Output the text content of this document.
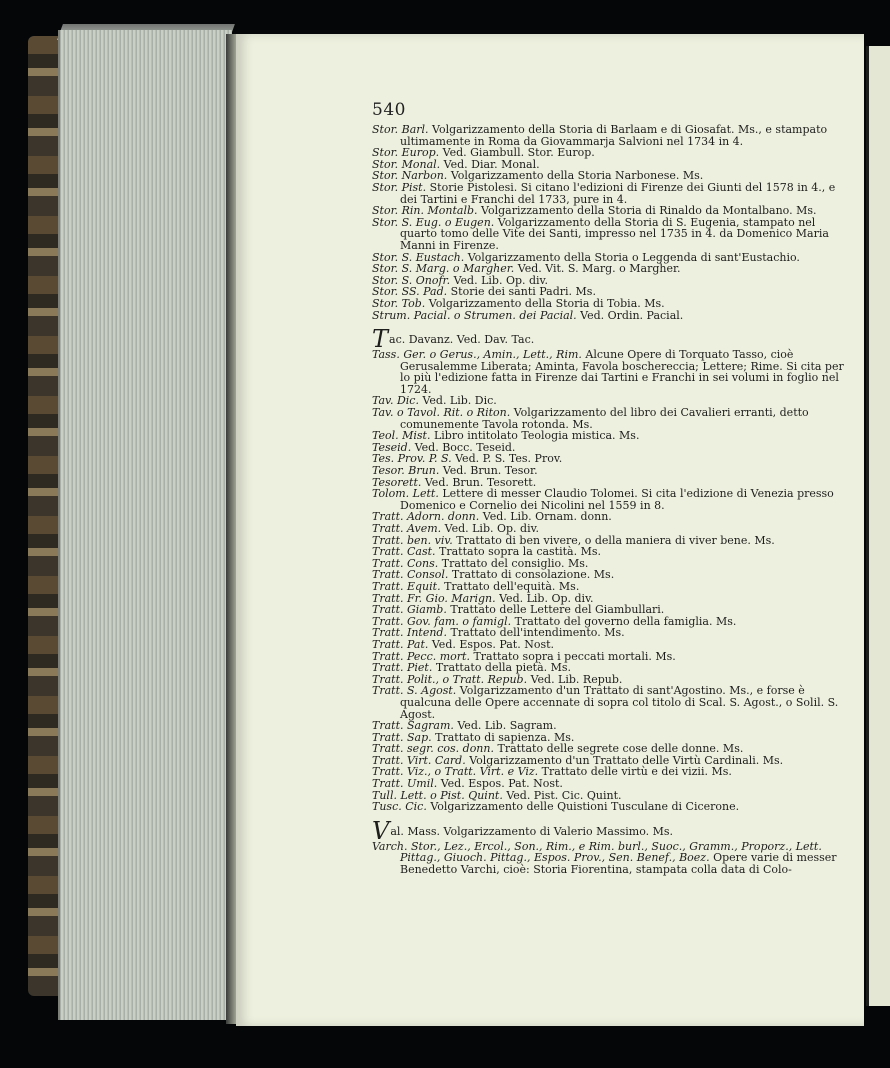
540

Stor. Barl. Volgarizzamento della Storia di Barlaam e di Giosafat. Ms., e stampato ultimamente in Roma da Giovammarja Salvioni nel 1734 in 4.

Stor. Europ. Ved. Giambull. Stor. Europ.

Stor. Monal. Ved. Diar. Monal.

Stor. Narbon. Volgarizzamento della Storia Narbonese. Ms.

Stor. Pist. Storie Pistolesi. Si citano l'edizioni di Firenze dei Giunti del 1578 in 4., e dei Tartini e Franchi del 1733, pure in 4.

Stor. Rin. Montalb. Volgarizzamento della Storia di Rinaldo da Montalbano. Ms.

Stor. S. Eug. o Eugen. Volgarizzamento della Storia di S. Eugenia, stampato nel quarto tomo delle Vite dei Santi, impresso nel 1735 in 4. da Domenico Maria Manni in Firenze.

Stor. S. Eustach. Volgarizzamento della Storia o Leggenda di sant'Eustachio.

Stor. S. Marg. o Margher. Ved. Vit. S. Marg. o Margher.

Stor. S. Onofr. Ved. Lib. Op. div.

Stor. SS. Pad. Storie dei santi Padri. Ms.

Stor. Tob. Volgarizzamento della Storia di Tobia. Ms.

Strum. Pacial. o Strumen. dei Pacial. Ved. Ordin. Pacial.

Tac. Davanz. Ved. Dav. Tac.

Tass. Ger. o Gerus., Amin., Lett., Rim. Alcune Opere di Torquato Tasso, cioè Gerusalemme Liberata; Aminta, Favola boschereccia; Lettere; Rime. Si cita per lo più l'edizione fatta in Firenze dai Tartini e Franchi in sei volumi in foglio nel 1724.

Tav. Dic. Ved. Lib. Dic.

Tav. o Tavol. Rit. o Riton. Volgarizzamento del libro dei Cavalieri erranti, detto comunemente Tavola rotonda. Ms.

Teol. Mist. Libro intitolato Teologia mistica. Ms.

Teseid. Ved. Bocc. Teseid.

Tes. Prov. P. S. Ved. P. S. Tes. Prov.

Tesor. Brun. Ved. Brun. Tesor.

Tesorett. Ved. Brun. Tesorett.

Tolom. Lett. Lettere di messer Claudio Tolomei. Si cita l'edizione di Venezia presso Domenico e Cornelio dei Nicolini nel 1559 in 8.

Tratt. Adorn. donn. Ved. Lib. Ornam. donn.

Tratt. Avem. Ved. Lib. Op. div.

Tratt. ben. viv. Trattato di ben vivere, o della maniera di viver bene. Ms.

Tratt. Cast. Trattato sopra la castità. Ms.

Tratt. Cons. Trattato del consiglio. Ms.

Tratt. Consol. Trattato di consolazione. Ms.

Tratt. Equit. Trattato dell'equità. Ms.

Tratt. Fr. Gio. Marign. Ved. Lib. Op. div.

Tratt. Giamb. Trattato delle Lettere del Giambullari.

Tratt. Gov. fam. o famigl. Trattato del governo della famiglia. Ms.

Tratt. Intend. Trattato dell'intendimento. Ms.

Tratt. Pat. Ved. Espos. Pat. Nost.

Tratt. Pecc. mort. Trattato sopra i peccati mortali. Ms.

Tratt. Piet. Trattato della pietà. Ms.

Tratt. Polit., o Tratt. Repub. Ved. Lib. Repub.

Tratt. S. Agost. Volgarizzamento d'un Trattato di sant'Agostino. Ms., e forse è qualcuna delle Opere accennate di sopra col titolo di Scal. S. Agost., o Solil. S. Agost.

Tratt. Sagram. Ved. Lib. Sagram.

Tratt. Sap. Trattato di sapienza. Ms.

Tratt. segr. cos. donn. Trattato delle segrete cose delle donne. Ms.

Tratt. Virt. Card. Volgarizzamento d'un Trattato delle Virtù Cardinali. Ms.

Tratt. Viz., o Tratt. Virt. e Viz. Trattato delle virtù e dei vizii. Ms.

Tratt. Umil. Ved. Espos. Pat. Nost.

Tull. Lett. o Pist. Quint. Ved. Pist. Cic. Quint.

Tusc. Cic. Volgarizzamento delle Quistioni Tusculane di Cicerone.

Val. Mass. Volgarizzamento di Valerio Massimo. Ms.

Varch. Stor., Lez., Ercol., Son., Rim., e Rim. burl., Suoc., Gramm., Proporz., Lett. Pittag., Giuoch. Pittag., Espos. Prov., Sen. Benef., Boez. Opere varie di messer Benedetto Varchi, cioè: Storia Fiorentina, stampata colla data di Colo-
